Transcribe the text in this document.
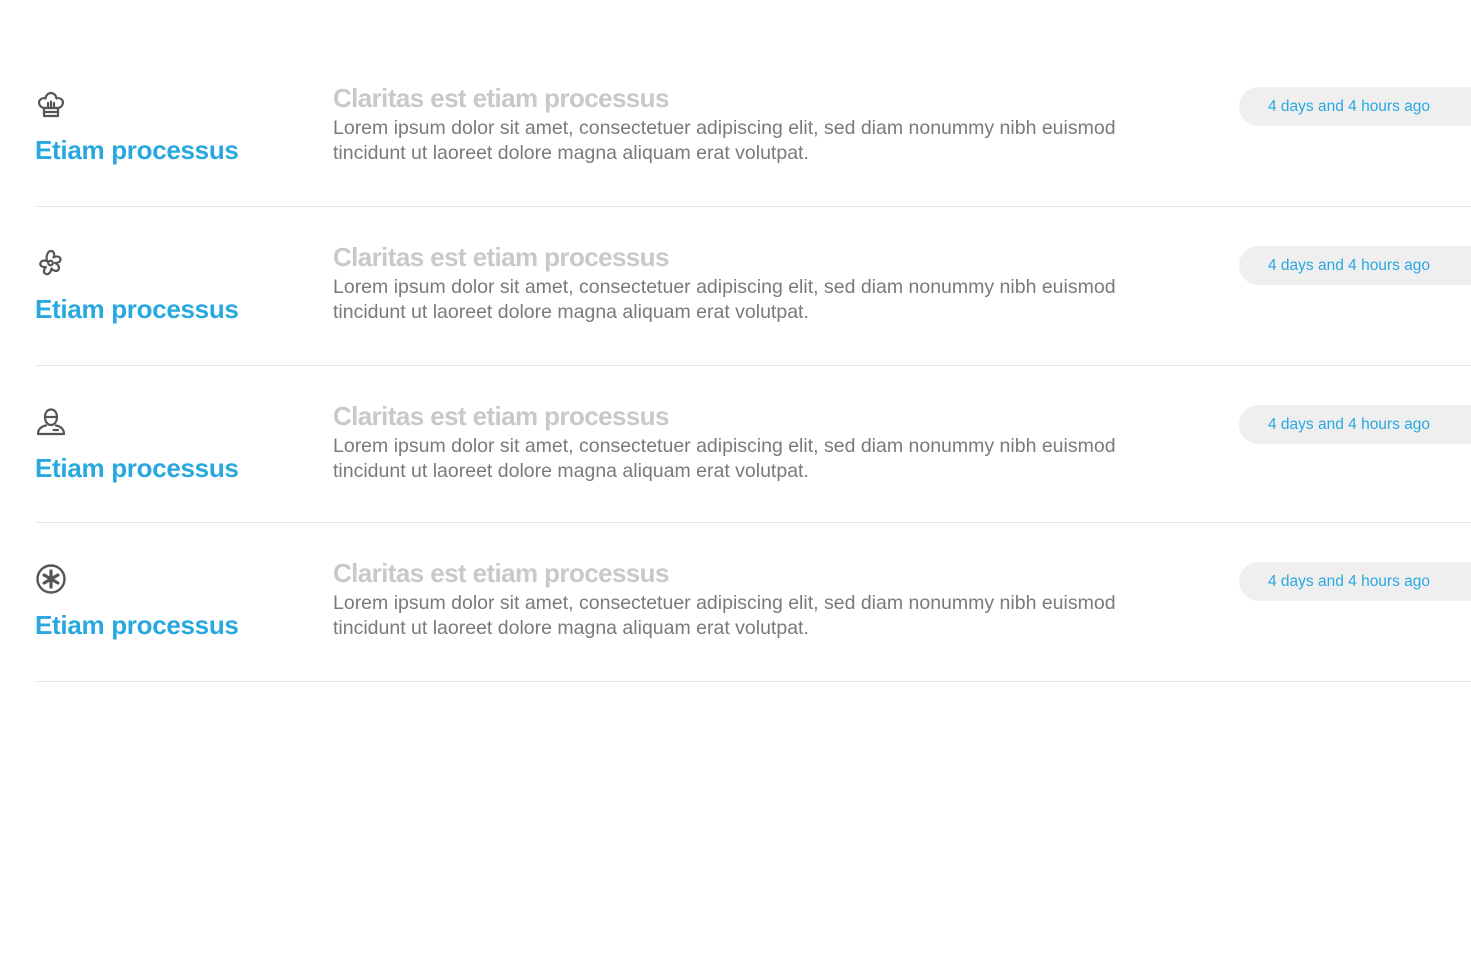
Etiam processus
Claritas est etiam processus

Lorem ipsum dolor sit amet, consectetuer adipiscing elit, sed diam nonummy nibh euismod tincidunt ut laoreet dolore magna aliquam erat volutpat.

4 days and 4 hours ago
Etiam processus
Claritas est etiam processus

Lorem ipsum dolor sit amet, consectetuer adipiscing elit, sed diam nonummy nibh euismod tincidunt ut laoreet dolore magna aliquam erat volutpat.

4 days and 4 hours ago
Etiam processus
Claritas est etiam processus

Lorem ipsum dolor sit amet, consectetuer adipiscing elit, sed diam nonummy nibh euismod tincidunt ut laoreet dolore magna aliquam erat volutpat.

4 days and 4 hours ago
Etiam processus
Claritas est etiam processus

Lorem ipsum dolor sit amet, consectetuer adipiscing elit, sed diam nonummy nibh euismod tincidunt ut laoreet dolore magna aliquam erat volutpat.

4 days and 4 hours ago
